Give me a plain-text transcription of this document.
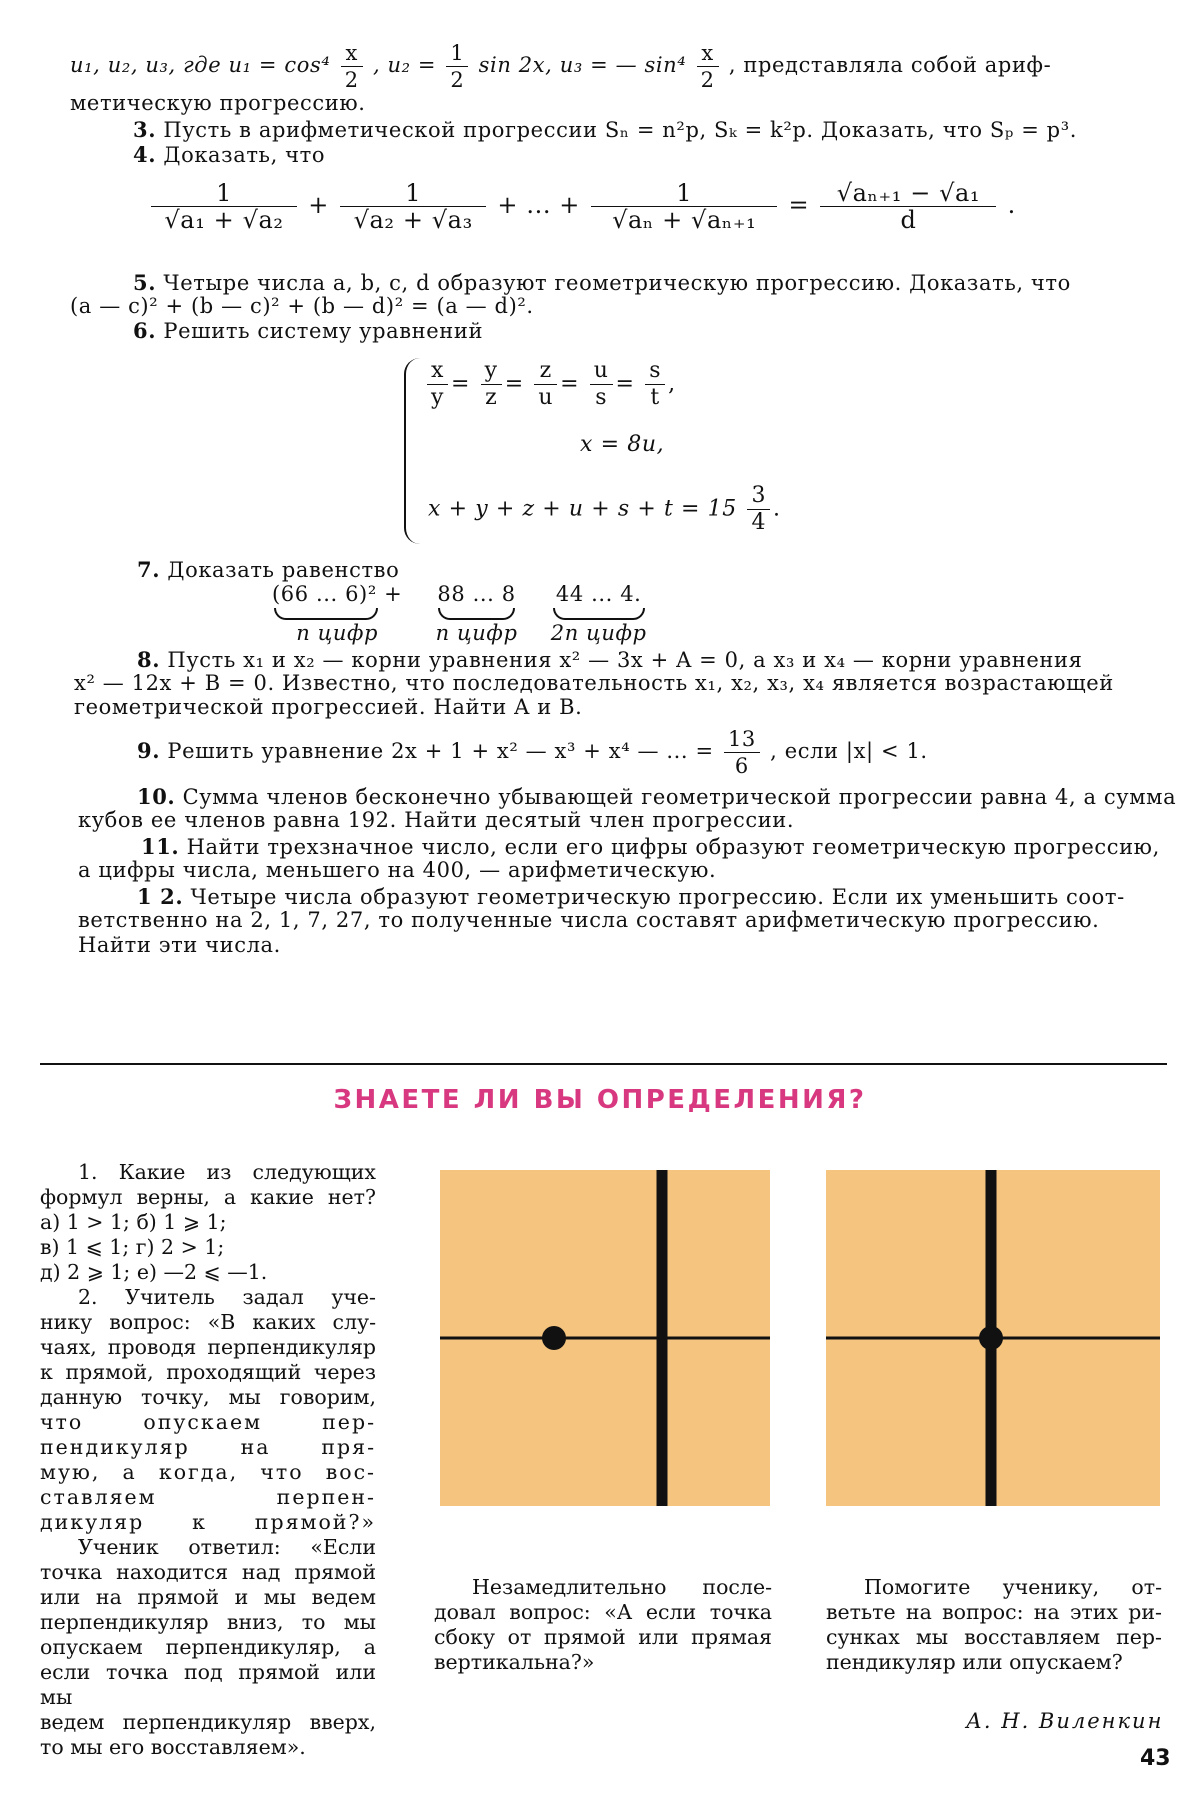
u₁, u₂, u₃, где $u_1 = \cos^4 \frac{x}{2}$ , $u_2 = \frac{1}{2}$ sin 2x, u₃ = — $\sin^4 \frac{x}{2}$ , представляла собой ариф-
метическую прогрессию.
3. Пусть в арифметической прогрессии Sₙ = n²p, Sₖ = k²p. Доказать, что Sₚ = p³.
4. Доказать, что
$\frac{1}{\text{√a₁ + √a₂}} + \frac{1}{\text{√a₂ + √a₃}}$ + ... + $\frac{1}{\text{√aₙ + √aₙ₊₁}} = \frac{\text{√aₙ₊₁ − √a₁}}{d}$ .
5. Четыре числа a, b, c, d образуют геометрическую прогрессию. Доказать, что
(a — c)² + (b — c)² + (b — d)² = (a — d)².
6. Решить систему уравнений
$\frac{x}{y} = \frac{y}{z} = \frac{z}{u} = \frac{u}{s} = \frac{s}{t}$ ,
x = 8u,
$x + y + z + u + s + t = 15 \frac{3}{4}$ .
7. Доказать равенство
(66 ... 6)² +
n цифр 88 ... 8
n цифр 44 ... 4.
2n цифр
8. Пусть x₁ и x₂ — корни уравнения x² — 3x + A = 0, а x₃ и x₄ — корни уравнения
x² — 12x + B = 0. Известно, что последовательность x₁, x₂, x₃, x₄ является возрастающей
геометрической прогрессией. Найти A и B.
9. Решить уравнение 2x + 1 + x² — x³ + x⁴ — ... = $\frac{13}{6}$ , если |x| < 1.
10. Сумма членов бесконечно убывающей геометрической прогрессии равна 4, а сумма
кубов ее членов равна 192. Найти десятый член прогрессии.
11. Найти трехзначное число, если его цифры образуют геометрическую прогрессию,
а цифры числа, меньшего на 400, — арифметическую.
1 2. Четыре числа образуют геометрическую прогрессию. Если их уменьшить соот-
ветственно на 2, 1, 7, 27, то полученные числа составят арифметическую прогрессию.
Найти эти числа.
ЗНАЕТЕ ЛИ ВЫ ОПРЕДЕЛЕНИЯ?
1. Какие из следующих
формул верны, а какие нет?
а) 1 > 1; б) 1 ⩾ 1;
в) 1 ⩽ 1; г) 2 > 1;
д) 2 ⩾ 1; е) —2 ⩽ —1.
2. Учитель задал уче-
нику вопрос: «В каких слу-
чаях, проводя перпендикуляр
к прямой, проходящий через
данную точку, мы говорим,
что опускаем пер-
пендикуляр на пря-
мую, а когда, что вос-
ставляем перпен-
дикуляр к прямой?»
Ученик ответил: «Если
точка находится над прямой
или на прямой и мы ведем
перпендикуляр вниз, то мы
опускаем перпендикуляр, а
если точка под прямой или мы
ведем перпендикуляр вверх,
то мы его восставляем».
Незамедлительно после-
довал вопрос: «А если точка
сбоку от прямой или прямая
вертикальна?»
Помогите ученику, от-
ветьте на вопрос: на этих ри-
сунках мы восставляем пер-
пендикуляр или опускаем?
А. Н. Виленкин
43
